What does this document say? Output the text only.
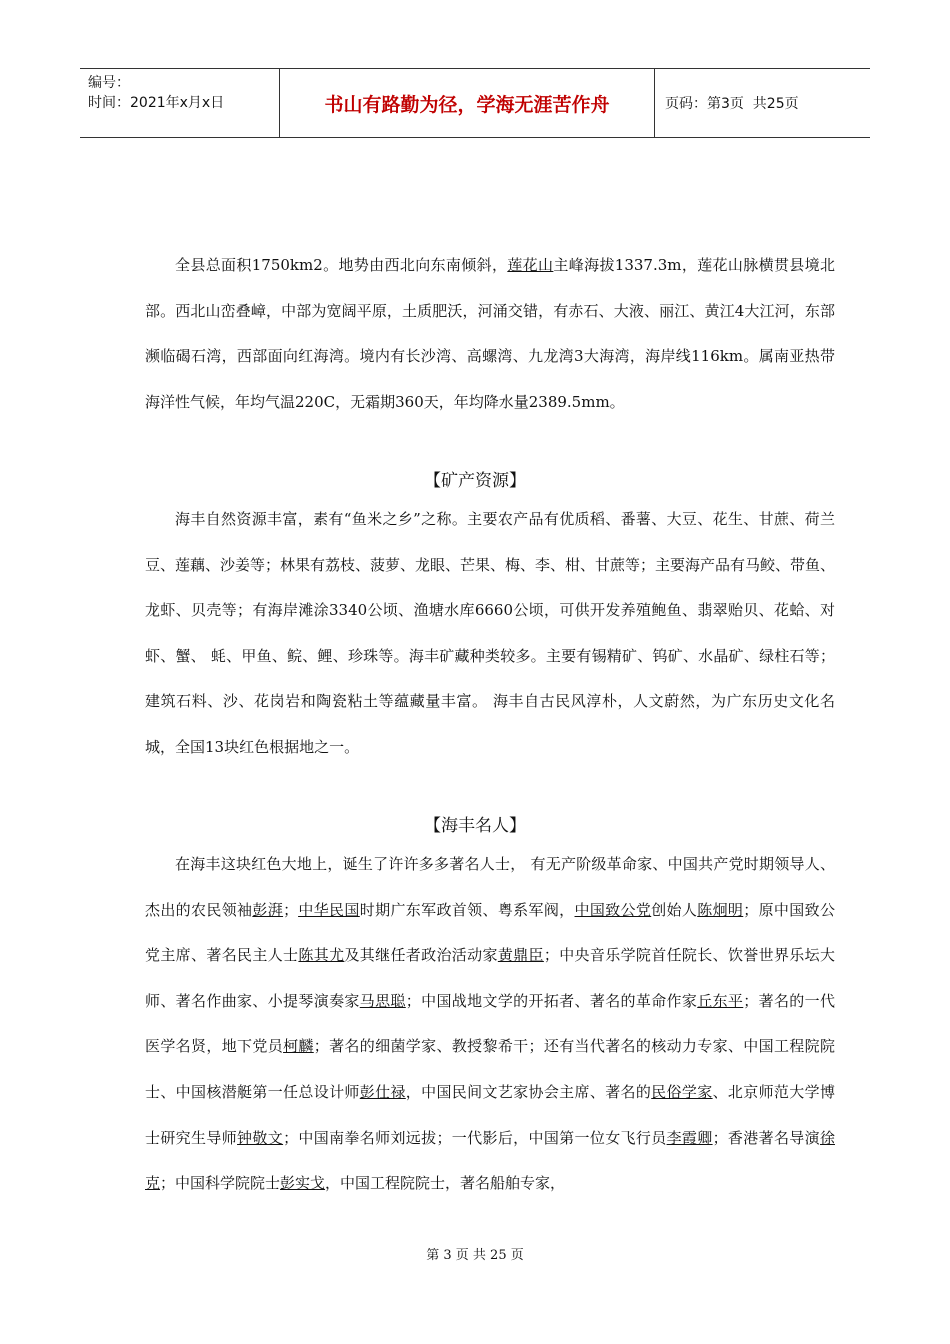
编号：
时间：2021年x月x日	书山有路勤为径，学海无涯苦作舟	页码：第3页  共25页
全县总面积1750km2。地势由西北向东南倾斜，莲花山主峰海拔1337.3m，莲花山脉横贯县境北部。西北山峦叠嶂，中部为宽阔平原，土质肥沃，河涌交错，有赤石、大液、丽江、黄江4大江河，东部濒临碣石湾，西部面向红海湾。境内有长沙湾、高螺湾、九龙湾3大海湾，海岸线116km。属南亚热带海洋性气候，年均气温220C，无霜期360天，年均降水量2389.5mm。
【矿产资源】
海丰自然资源丰富，素有“鱼米之乡”之称。主要农产品有优质稻、番薯、大豆、花生、甘蔗、荷兰豆、莲藕、沙姜等；林果有荔枝、菠萝、龙眼、芒果、梅、李、柑、甘蔗等；主要海产品有马鲛、带鱼、龙虾、贝壳等；有海岸滩涂3340公顷、渔塘水库6660公顷，可供开发养殖鲍鱼、翡翠贻贝、花蛤、对虾、蟹、 蚝、甲鱼、鲩、鲤、珍珠等。海丰矿藏种类较多。主要有锡精矿、钨矿、水晶矿、绿柱石等；建筑石料、沙、花岗岩和陶瓷粘土等蕴藏量丰富。 海丰自古民风淳朴，人文蔚然，为广东历史文化名城，全国13块红色根据地之一。
【海丰名人】
在海丰这块红色大地上，诞生了许许多多著名人士， 有无产阶级革命家、中国共产党时期领导人、杰出的农民领袖彭湃；中华民国时期广东军政首领、粤系军阀，中国致公党创始人陈炯明；原中国致公党主席、著名民主人士陈其尤及其继任者政治活动家黄鼎臣；中央音乐学院首任院长、饮誉世界乐坛大师、著名作曲家、小提琴演奏家马思聪；中国战地文学的开拓者、著名的革命作家丘东平；著名的一代医学名贤，地下党员柯麟；著名的细菌学家、教授黎希干；还有当代著名的核动力专家、中国工程院院士、中国核潜艇第一任总设计师彭仕禄，中国民间文艺家协会主席、著名的民俗学家、北京师范大学博士研究生导师钟敬文；中国南拳名师刘远拔；一代影后，中国第一位女飞行员李霞卿；香港著名导演徐克；中国科学院院士彭实戈，中国工程院院士，著名船舶专家，
第 3 页 共 25 页
